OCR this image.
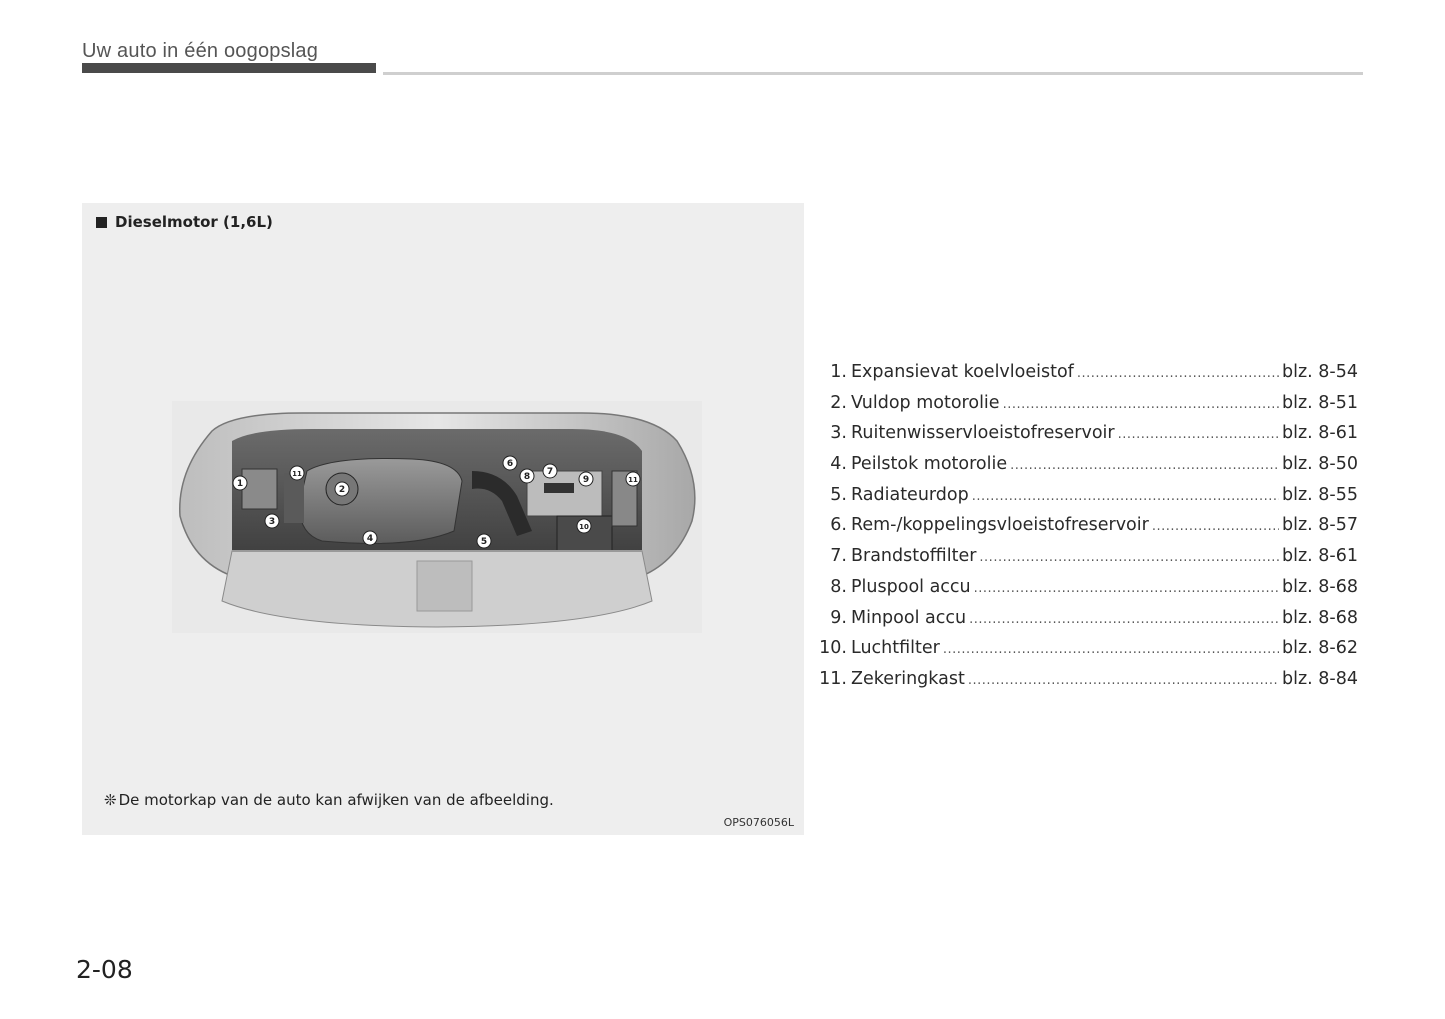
Uw auto in één oogopslag
Dieselmotor (1,6L)
1
2
3
4	5
6
7
8	9
10
11
11
❊ De motorkap van de auto kan afwijken van de afbeelding.
OPS076056L
1. Expansievat koelvloeistof .....	blz. 8-54
2. Vuldop motorolie .....	blz. 8-51
3. Ruitenwisservloeistofreservoir .....	blz. 8-61
4. Peilstok motorolie .....	blz. 8-50
5. Radiateurdop .....	blz. 8-55
6. Rem-/koppelingsvloeistofreservoir .....	blz. 8-57
7. Brandstoffilter .....	blz. 8-61
8. Pluspool accu .....	blz. 8-68
9. Minpool accu .....	blz. 8-68
10. Luchtfilter .....	blz. 8-62
11. Zekeringkast .....	blz. 8-84
2-08
